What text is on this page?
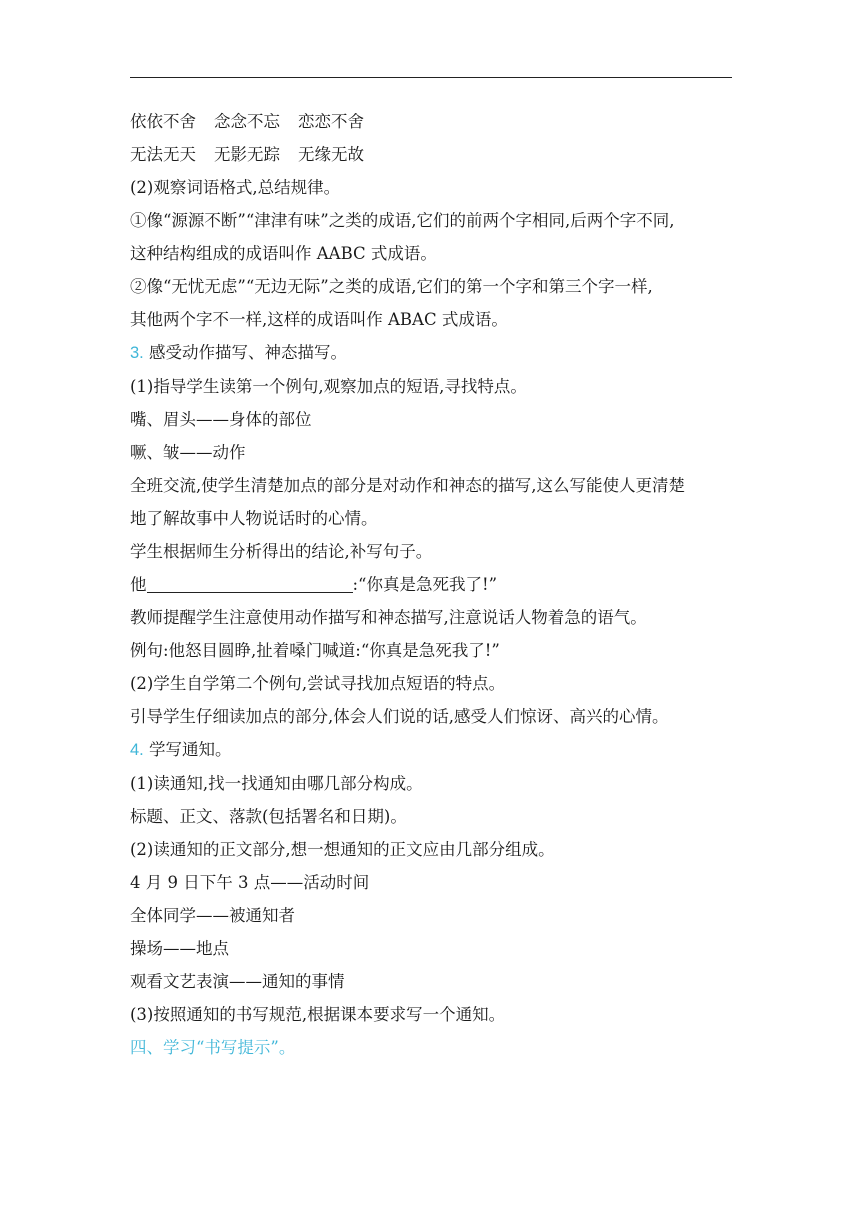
依依不舍 念念不忘 恋恋不舍
无法无天 无影无踪 无缘无故
(2)观察词语格式,总结规律。
①像“源源不断”“津津有味”之类的成语,它们的前两个字相同,后两个字不同,
这种结构组成的成语叫作 AABC 式成语。
②像“无忧无虑”“无边无际”之类的成语,它们的第一个字和第三个字一样,
其他两个字不一样,这样的成语叫作 ABAC 式成语。
3. 感受动作描写、神态描写。
(1)指导学生读第一个例句,观察加点的短语,寻找特点。
嘴、眉头——身体的部位
噘、皱——动作
全班交流,使学生清楚加点的部分是对动作和神态的描写,这么写能使人更清楚
地了解故事中人物说话时的心情。
学生根据师生分析得出的结论,补写句子。
他	:“你真是急死我了!”
教师提醒学生注意使用动作描写和神态描写,注意说话人物着急的语气。
例句:他怒目圆睁,扯着嗓门喊道:“你真是急死我了!”
(2)学生自学第二个例句,尝试寻找加点短语的特点。
引导学生仔细读加点的部分,体会人们说的话,感受人们惊讶、高兴的心情。
4. 学写通知。
(1)读通知,找一找通知由哪几部分构成。
标题、正文、落款(包括署名和日期)。
(2)读通知的正文部分,想一想通知的正文应由几部分组成。
4 月 9 日下午 3 点——活动时间
全体同学——被通知者
操场——地点
观看文艺表演——通知的事情
(3)按照通知的书写规范,根据课本要求写一个通知。
四、学习“书写提示”。
